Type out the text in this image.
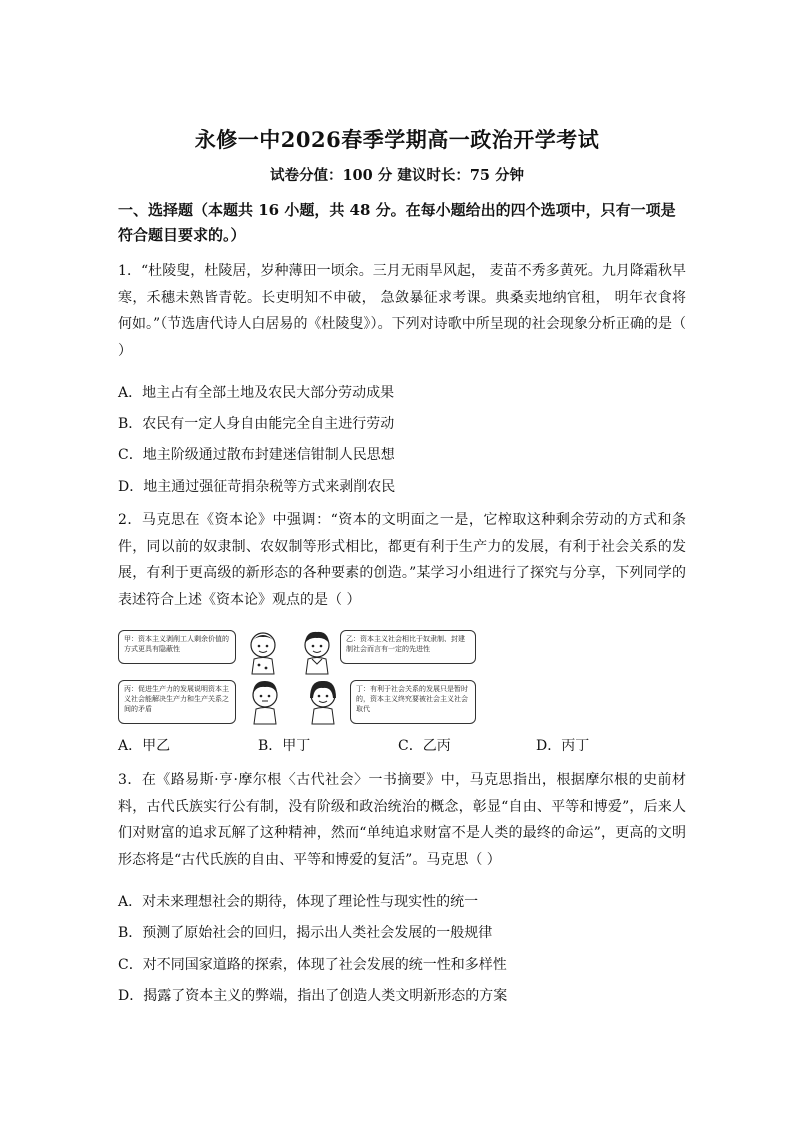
永修一中2026春季学期高一政治开学考试
试卷分值：100 分 建议时长：75 分钟
一、选择题（本题共 16 小题，共 48 分。在每小题给出的四个选项中，只有一项是符合题目要求的。）
1．“杜陵叟，杜陵居，岁种薄田一顷余。三月无雨旱风起， 麦苗不秀多黄死。九月降霜秋早寒，禾穗未熟皆青乾。长吏明知不申破， 急敛暴征求考课。典桑卖地纳官租， 明年衣食将何如。”（节选唐代诗人白居易的《杜陵叟》）。下列对诗歌中所呈现的社会现象分析正确的是（ ）
A．地主占有全部土地及农民大部分劳动成果
B．农民有一定人身自由能完全自主进行劳动
C．地主阶级通过散布封建迷信钳制人民思想
D．地主通过强征苛捐杂税等方式来剥削农民
2．马克思在《资本论》中强调：“资本的文明面之一是，它榨取这种剩余劳动的方式和条件，同以前的奴隶制、农奴制等形式相比，都更有利于生产力的发展，有利于社会关系的发展，有利于更高级的新形态的各种要素的创造。”某学习小组进行了探究与分享，下列同学的表述符合上述《资本论》观点的是（ ）
甲：资本主义剥削工人剩余价值的方式更具有隐蔽性
乙：资本主义社会相比于奴隶制、封建制社会而言有一定的先进性
丙：促进生产力的发展说明资本主义社会能解决生产力和生产关系之间的矛盾
丁：有利于社会关系的发展只是暂时的，资本主义终究要被社会主义社会取代
A．甲乙	B．甲丁	C．乙丙	D．丙丁
3．在《路易斯·亨·摩尔根〈古代社会〉一书摘要》中，马克思指出，根据摩尔根的史前材料，古代氏族实行公有制，没有阶级和政治统治的概念，彰显“自由、平等和博爱”，后来人们对财富的追求瓦解了这种精神，然而“单纯追求财富不是人类的最终的命运”，更高的文明形态将是“古代氏族的自由、平等和博爱的复活”。马克思（ ）
A．对未来理想社会的期待，体现了理论性与现实性的统一
B．预测了原始社会的回归，揭示出人类社会发展的一般规律
C．对不同国家道路的探索，体现了社会发展的统一性和多样性
D．揭露了资本主义的弊端，指出了创造人类文明新形态的方案
